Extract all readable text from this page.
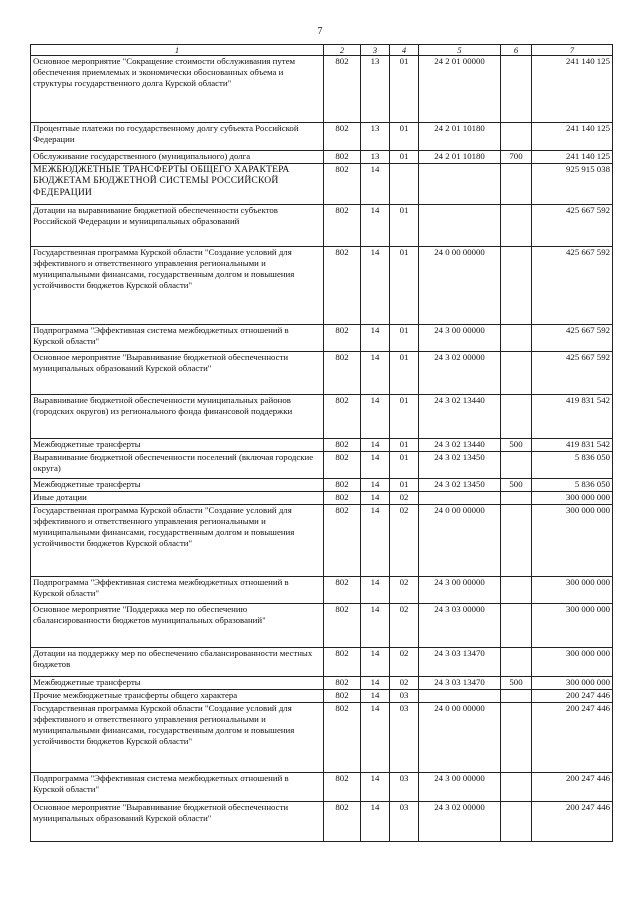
7
1	2	3	4	5	6	7
Основное мероприятие "Сокращение стоимости обслуживания путем обеспечения приемлемых и экономически обоснованных объема и структуры государственного долга Курской области"	802	13	01	24 2 01 00000		241 140 125
Процентные платежи по государственному долгу субъекта Российской Федерации	802	13	01	24 2 01 10180		241 140 125
Обслуживание государственного (муниципального) долга	802	13	01	24 2 01 10180	700	241 140 125
МЕЖБЮДЖЕТНЫЕ ТРАНСФЕРТЫ ОБЩЕГО ХАРАКТЕРА БЮДЖЕТАМ БЮДЖЕТНОЙ СИСТЕМЫ РОССИЙСКОЙ ФЕДЕРАЦИИ	802	14				925 915 038
Дотации на выравнивание бюджетной обеспеченности субъектов Российской Федерации и муниципальных образований	802	14	01			425 667 592
Государственная программа Курской области "Создание условий для эффективного и ответственного управления региональными и муниципальными финансами, государственным долгом и повышения устойчивости бюджетов Курской области"	802	14	01	24 0 00 00000		425 667 592
Подпрограмма "Эффективная система межбюджетных отношений в Курской области"	802	14	01	24 3 00 00000		425 667 592
Основное мероприятие "Выравнивание бюджетной обеспеченности муниципальных образований Курской области"	802	14	01	24 3 02 00000		425 667 592
Выравнивание бюджетной обеспеченности муниципальных районов (городских округов) из регионального фонда финансовой поддержки	802	14	01	24 3 02 13440		419 831 542
Межбюджетные трансферты	802	14	01	24 3 02 13440	500	419 831 542
Выравнивание бюджетной обеспеченности поселений (включая городские округа)	802	14	01	24 3 02 13450		5 836 050
Межбюджетные трансферты	802	14	01	24 3 02 13450	500	5 836 050
Иные дотации	802	14	02			300 000 000
Государственная программа Курской области "Создание условий для эффективного и ответственного управления региональными и муниципальными финансами, государственным долгом и повышения устойчивости бюджетов Курской области"	802	14	02	24 0 00 00000		300 000 000
Подпрограмма "Эффективная система межбюджетных отношений в Курской области"	802	14	02	24 3 00 00000		300 000 000
Основное мероприятие "Поддержка мер по обеспечению сбалансированности бюджетов муниципальных образований"	802	14	02	24 3 03 00000		300 000 000
Дотации на поддержку мер по обеспечению сбалансированности местных бюджетов	802	14	02	24 3 03 13470		300 000 000
Межбюджетные трансферты	802	14	02	24 3 03 13470	500	300 000 000
Прочие межбюджетные трансферты общего характера	802	14	03			200 247 446
Государственная программа Курской области "Создание условий для эффективного и ответственного управления региональными и муниципальными финансами, государственным долгом и повышения устойчивости бюджетов Курской области"	802	14	03	24 0 00 00000		200 247 446
Подпрограмма "Эффективная система межбюджетных отношений в Курской области"	802	14	03	24 3 00 00000		200 247 446
Основное мероприятие "Выравнивание бюджетной обеспеченности муниципальных образований Курской области"	802	14	03	24 3 02 00000		200 247 446
